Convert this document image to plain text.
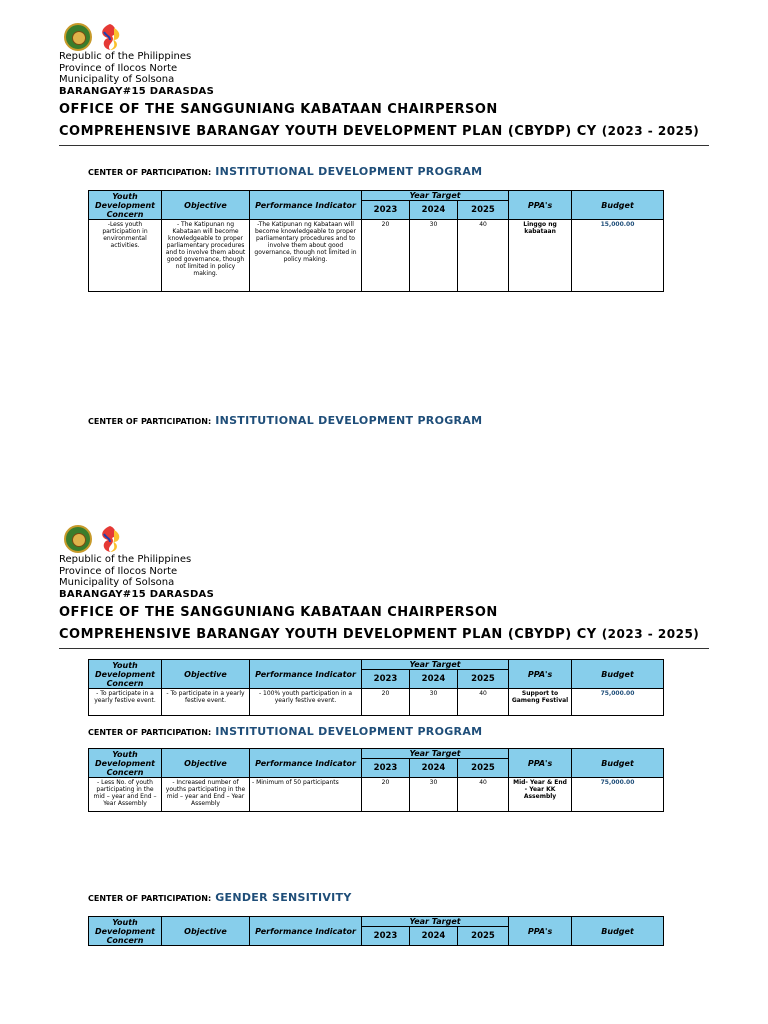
Republic of the Philippines
Province of Ilocos Norte
Municipality of Solsona
BARANGAY#15 DARASDAS
OFFICE OF THE SANGGUNIANG KABATAAN CHAIRPERSON
COMPREHENSIVE BARANGAY YOUTH DEVELOPMENT PLAN (CBYDP) CY (2023 - 2025)
CENTER OF PARTICIPATION: INSTITUTIONAL DEVELOPMENT PROGRAM
Youth Development Concern	Objective	Performance Indicator	Year Target			PPA's	Budget
			2023	2024	2025		
-Less youth participation in environmental activities.	- The Katipunan ng Kabataan will become knowledgeable to proper parliamentary procedures and to involve them about good governance, though not limited in policy making.	-The Katipunan ng Kabataan will become knowledgeable to proper parliamentary procedures and to involve them about good governance, though not limited in policy making.	20	30	40	Linggo ng kabataan	15,000.00
CENTER OF PARTICIPATION: INSTITUTIONAL DEVELOPMENT PROGRAM
Republic of the Philippines
Province of Ilocos Norte
Municipality of Solsona
BARANGAY#15 DARASDAS
OFFICE OF THE SANGGUNIANG KABATAAN CHAIRPERSON
COMPREHENSIVE BARANGAY YOUTH DEVELOPMENT PLAN (CBYDP) CY (2023 - 2025)
Youth Development Concern	Objective	Performance Indicator	Year Target			PPA's	Budget
			2023	2024	2025		
- To participate in a yearly festive event.	- To participate in a yearly festive event.	- 100% youth participation in a yearly festive event.	20	30	40	Support to Gameng Festival	75,000.00
CENTER OF PARTICIPATION: INSTITUTIONAL DEVELOPMENT PROGRAM
Youth Development Concern	Objective	Performance Indicator	Year Target			PPA's	Budget
			2023	2024	2025		
- Less No. of youth participating in the mid – year and End – Year Assembly	- Increased number of youths participating in the mid – year and End – Year Assembly	- Minimum of 50 participants	20	30	40	Mid- Year & End - Year KK Assembly	75,000.00
CENTER OF PARTICIPATION: GENDER SENSITIVITY
Youth Development Concern	Objective	Performance Indicator	Year Target			PPA's	Budget
			2023	2024	2025		
